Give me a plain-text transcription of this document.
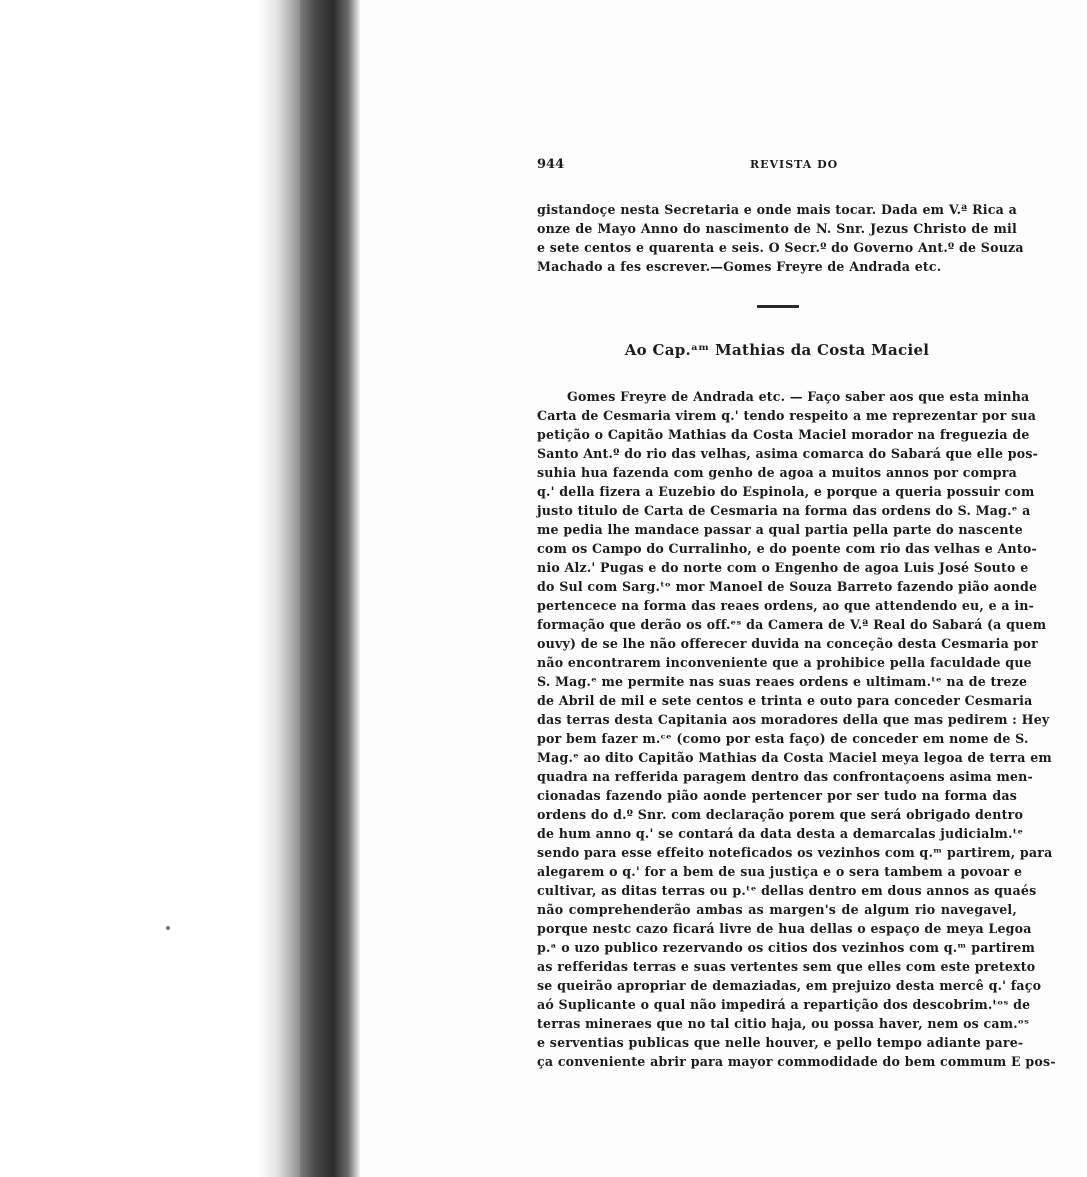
944	REVISTA DO
gistandoçe nesta Secretaria e onde mais tocar. Dada em V.ª Rica a
onze de Mayo Anno do nascimento de N. Snr. Jezus Christo de mil
e sete centos e quarenta e seis. O Secr.º do Governo Ant.º de Souza
Machado a fes escrever.—Gomes Freyre de Andrada etc.
Ao Cap.ᵃᵐ Mathias da Costa Maciel
Gomes Freyre de Andrada etc. — Faço saber aos que esta minha
Carta de Cesmaria virem q.' tendo respeito a me reprezentar por sua
petição o Capitão Mathias da Costa Maciel morador na freguezia de
Santo Ant.º do rio das velhas, asima comarca do Sabará que elle pos-
suhia hua fazenda com genho de agoa a muitos annos por compra
q.' della fizera a Euzebio do Espinola, e porque a queria possuir com
justo titulo de Carta de Cesmaria na forma das ordens do S. Mag.ᵉ a
me pedia lhe mandace passar a qual partia pella parte do nascente
com os Campo do Curralinho, e do poente com rio das velhas e Anto-
nio Alz.' Pugas e do norte com o Engenho de agoa Luis José Souto e
do Sul com Sarg.ᵗᵒ mor Manoel de Souza Barreto fazendo pião aonde
pertencece na forma das reaes ordens, ao que attendendo eu, e a in-
formação que derão os off.ᵉˢ da Camera de V.ª Real do Sabará (a quem
ouvy) de se lhe não offerecer duvida na conceção desta Cesmaria por
não encontrarem inconveniente que a prohibice pella faculdade que
S. Mag.ᵉ me permite nas suas reaes ordens e ultimam.ᵗᵉ na de treze
de Abril de mil e sete centos e trinta e outo para conceder Cesmaria
das terras desta Capitania aos moradores della que mas pedirem : Hey
por bem fazer m.ᶜᵉ (como por esta faço) de conceder em nome de S.
Mag.ᵉ ao dito Capitão Mathias da Costa Maciel meya legoa de terra em
quadra na refferida paragem dentro das confrontaçoens asima men-
cionadas fazendo pião aonde pertencer por ser tudo na forma das
ordens do d.º Snr. com declaração porem que será obrigado dentro
de hum anno q.' se contará da data desta a demarcalas judicialm.ᵗᵉ
sendo para esse effeito noteficados os vezinhos com q.ᵐ partirem, para
alegarem o q.' for a bem de sua justiça e o sera tambem a povoar e
cultivar, as ditas terras ou p.ᵗᵉ dellas dentro em dous annos as quaés
não comprehenderão ambas as margen's de algum rio navegavel,
porque nestc cazo ficará livre de hua dellas o espaço de meya Legoa
p.ᵃ o uzo publico rezervando os citios dos vezinhos com q.ᵐ partirem
as refferidas terras e suas vertentes sem que elles com este pretexto
se queirão apropriar de demaziadas, em prejuizo desta mercê q.' faço
aó Suplicante o qual não impedirá a repartição dos descobrim.ᵗᵒˢ de
terras mineraes que no tal citio haja, ou possa haver, nem os cam.ᵒˢ
e serventias publicas que nelle houver, e pello tempo adiante pare-
ça conveniente abrir para mayor commodidade do bem commum E pos-
